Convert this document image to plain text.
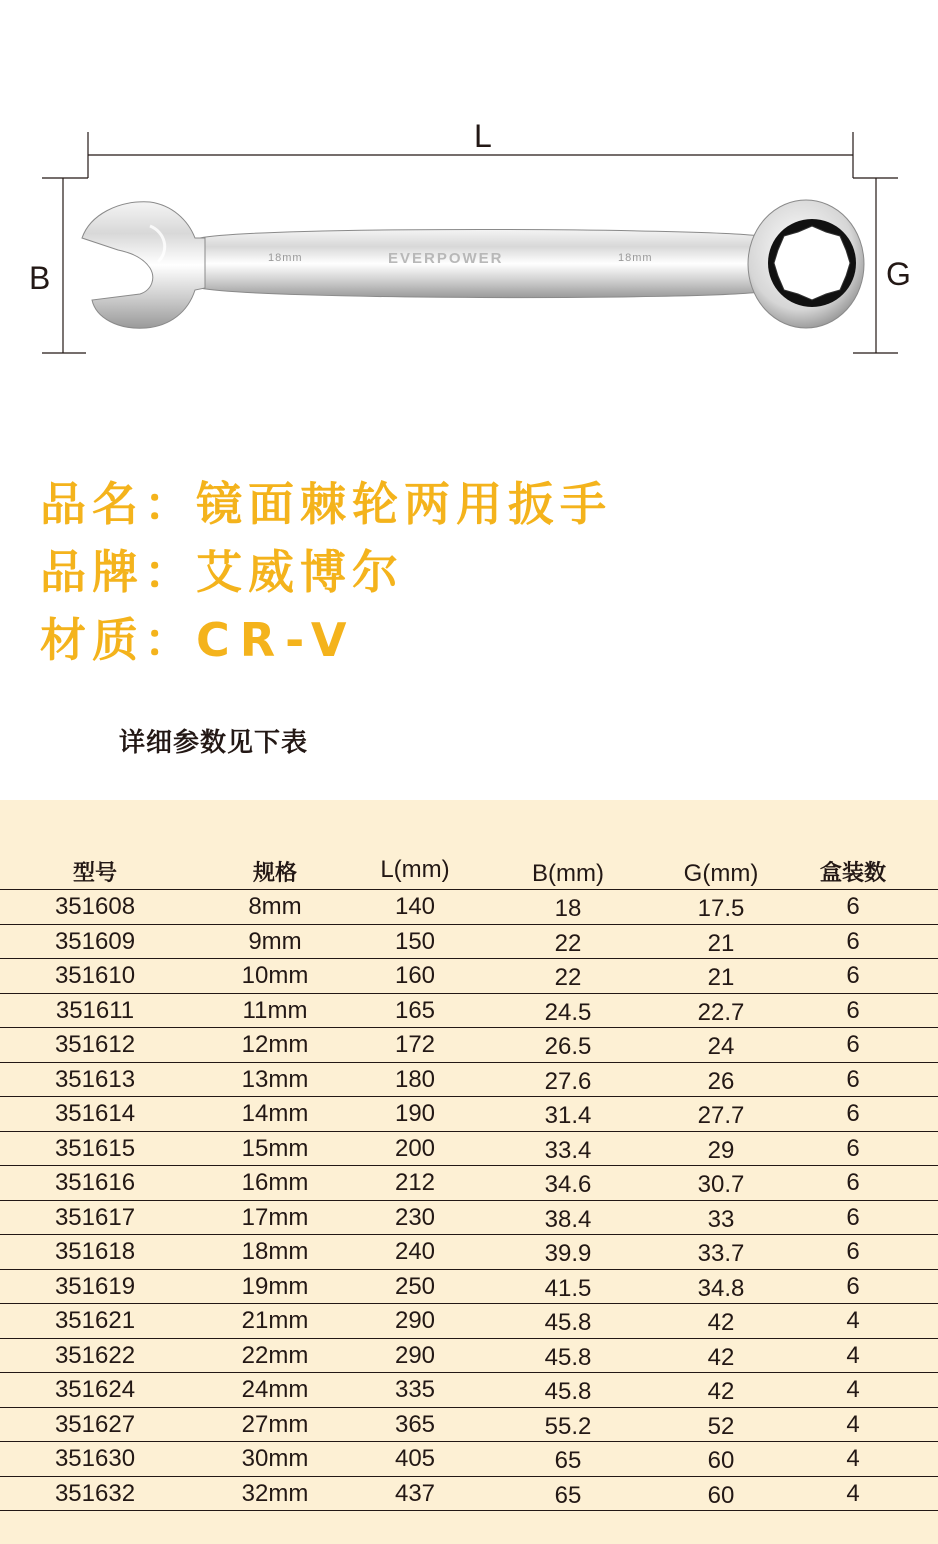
L
B	G
18mm	EVERPOWER	18mm
品名：镜面棘轮两用扳手
品牌：艾威博尔
材质：CR-V
详细参数见下表
型号	规格	L(mm)	B(mm)	G(mm)	盒装数
351608	8mm	140	18	17.5	6
351609	9mm	150	22	21	6
351610	10mm	160	22	21	6
351611	11mm	165	24.5	22.7	6
351612	12mm	172	26.5	24	6
351613	13mm	180	27.6	26	6
351614	14mm	190	31.4	27.7	6
351615	15mm	200	33.4	29	6
351616	16mm	212	34.6	30.7	6
351617	17mm	230	38.4	33	6
351618	18mm	240	39.9	33.7	6
351619	19mm	250	41.5	34.8	6
351621	21mm	290	45.8	42	4
351622	22mm	290	45.8	42	4
351624	24mm	335	45.8	42	4
351627	27mm	365	55.2	52	4
351630	30mm	405	65	60	4
351632	32mm	437	65	60	4
